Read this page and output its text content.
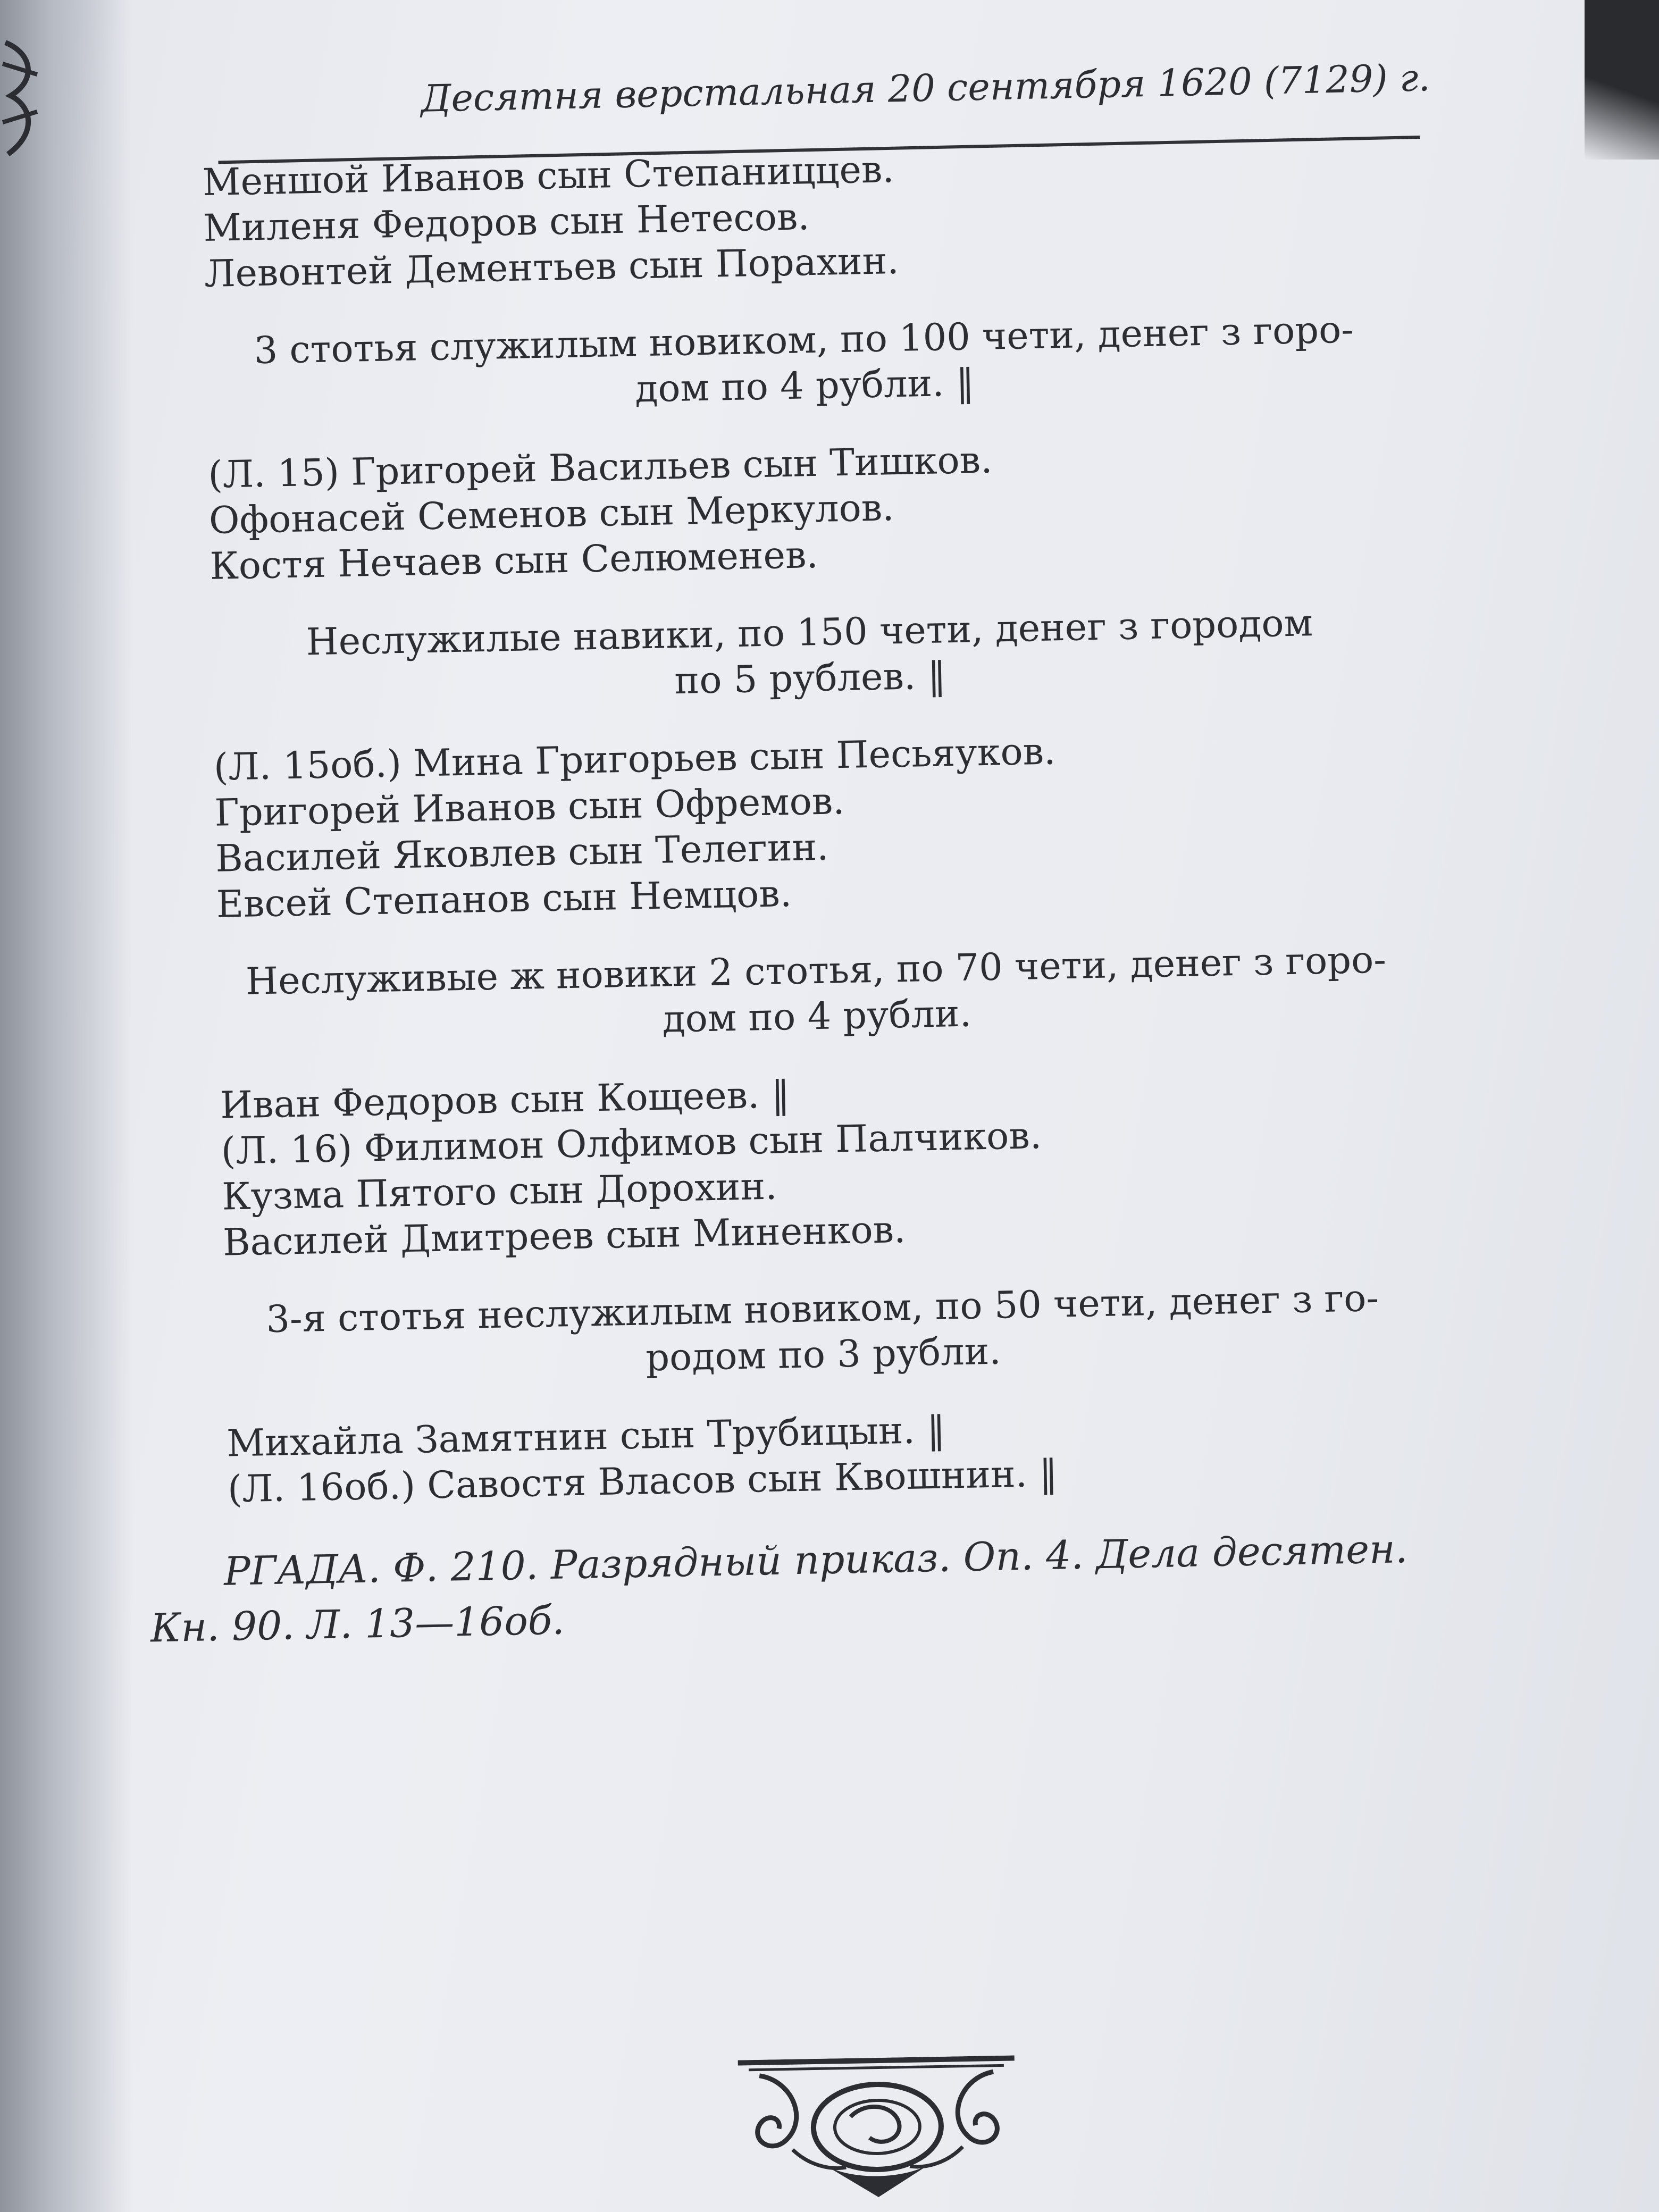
Десятня верстальная 20 сентября 1620 (7129) г.
Меншой Иванов сын Степаниццев.
Миленя Федоров сын Нетесов.
Левонтей Дементьев сын Порахин.
3 стотья служилым новиком, по 100 чети, денег з горо-
дом по 4 рубли. ‖
(Л. 15) Григорей Васильев сын Тишков.
Офонасей Семенов сын Меркулов.
Костя Нечаев сын Селюменев.
Неслужилые навики, по 150 чети, денег з городом
по 5 рублев. ‖
(Л. 15об.) Мина Григорьев сын Песьяуков.
Григорей Иванов сын Офремов.
Василей Яковлев сын Телегин.
Евсей Степанов сын Немцов.
Неслуживые ж новики 2 стотья, по 70 чети, денег з горо-
дом по 4 рубли.
Иван Федоров сын Кощеев. ‖
(Л. 16) Филимон Олфимов сын Палчиков.
Кузма Пятого сын Дорохин.
Василей Дмитреев сын Миненков.
3-я стотья неслужилым новиком, по 50 чети, денег з го-
родом по 3 рубли.
Михайла Замятнин сын Трубицын. ‖
(Л. 16об.) Савостя Власов сын Квошнин. ‖
РГАДА. Ф. 210. Разрядный приказ. Оп. 4. Дела десятен.
Кн. 90. Л. 13—16об.
